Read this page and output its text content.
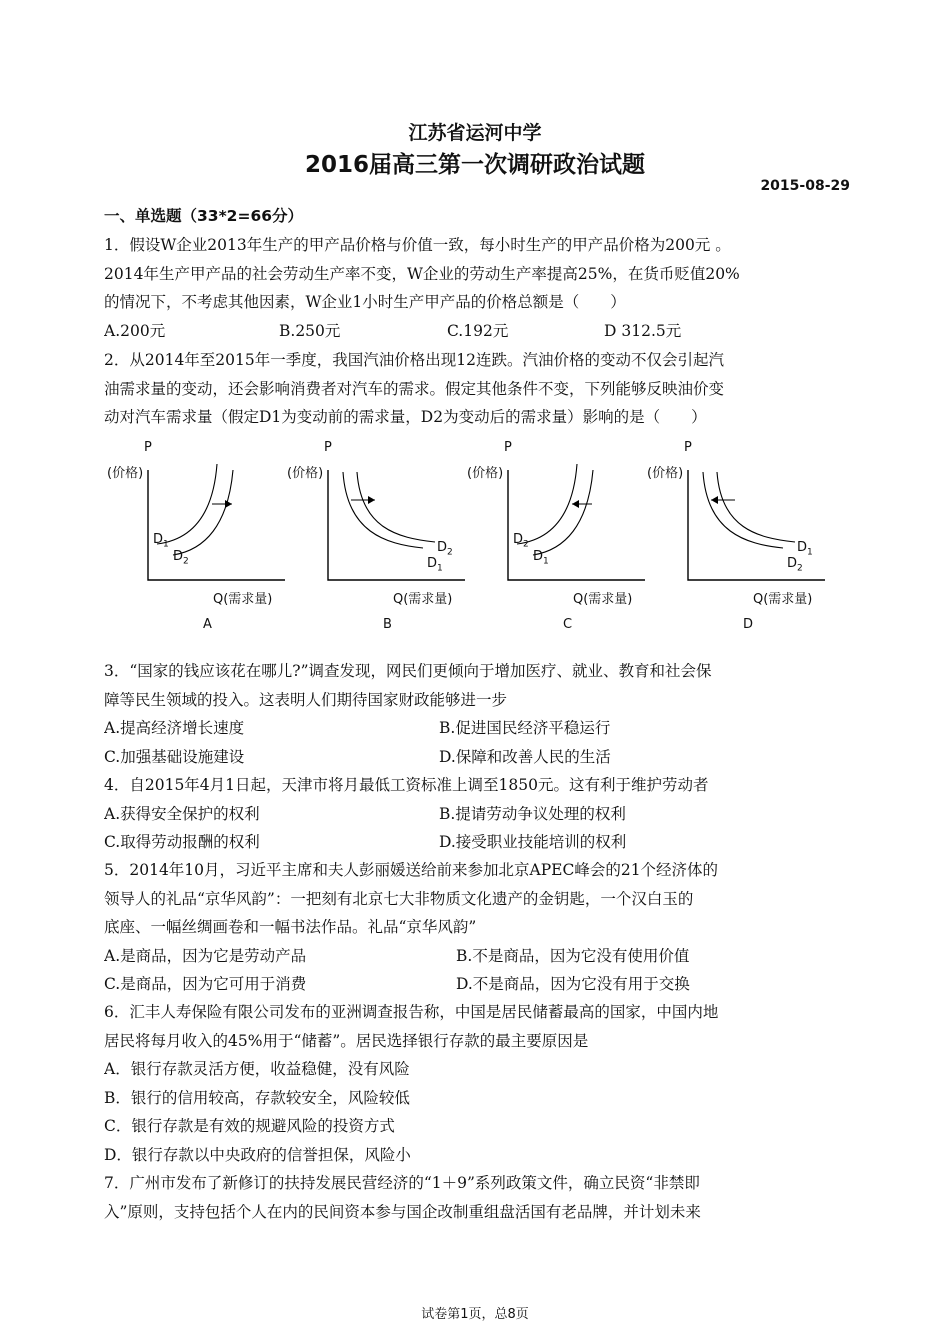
江苏省运河中学
2016届高三第一次调研政治试题
2015-08-29
一、单选题（33*2=66分）
1．假设W企业2013年生产的甲产品价格与价值一致，每小时生产的甲产品价格为200元 。
2014年生产甲产品的社会劳动生产率不变，W企业的劳动生产率提高25%，在货币贬值20%
的情况下，不考虑其他因素，W企业1小时生产甲产品的价格总额是（　　）
A.200元	B.250元	C.192元	D 312.5元
2．从2014年至2015年一季度，我国汽油价格出现12连跌。汽油价格的变动不仅会引起汽
油需求量的变动，还会影响消费者对汽车的需求。假定其他条件不变，下列能够反映油价变
动对汽车需求量（假定D1为变动前的需求量，D2为变动后的需求量）影响的是（　　）
P
(价格)
Q(需求量)
$D_1$
$D_2$
A
P
(价格)
Q(需求量)
$D_1$
$D_2$
B
P
(价格)
Q(需求量)
$D_2$
$D_1$
C
P
(价格)
Q(需求量)
$D_2$
$D_1$
D
3．“国家的钱应该花在哪儿?”调查发现，网民们更倾向于增加医疗、就业、教育和社会保
障等民生领域的投入。这表明人们期待国家财政能够进一步
A.提高经济增长速度	B.促进国民经济平稳运行
C.加强基础设施建设	D.保障和改善人民的生活
4．自2015年4月1日起，天津市将月最低工资标准上调至1850元。这有利于维护劳动者
A.获得安全保护的权利	B.提请劳动争议处理的权利
C.取得劳动报酬的权利	D.接受职业技能培训的权利
5．2014年10月，习近平主席和夫人彭丽媛送给前来参加北京APEC峰会的21个经济体的
领导人的礼品“京华风韵”：一把刻有北京七大非物质文化遗产的金钥匙，一个汉白玉的
底座、一幅丝绸画卷和一幅书法作品。礼品“京华风韵”
A.是商品，因为它是劳动产品	B.不是商品，因为它没有使用价值
C.是商品，因为它可用于消费	D.不是商品，因为它没有用于交换
6．汇丰人寿保险有限公司发布的亚洲调查报告称，中国是居民储蓄最高的国家，中国内地
居民将每月收入的45%用于“储蓄”。居民选择银行存款的最主要原因是
A．银行存款灵活方便，收益稳健，没有风险
B．银行的信用较高，存款较安全，风险较低
C．银行存款是有效的规避风险的投资方式
D．银行存款以中央政府的信誉担保，风险小
7．广州市发布了新修订的扶持发展民营经济的“1＋9”系列政策文件，确立民资“非禁即
入”原则，支持包括个人在内的民间资本参与国企改制重组盘活国有老品牌，并计划未来
试卷第1页，总8页
